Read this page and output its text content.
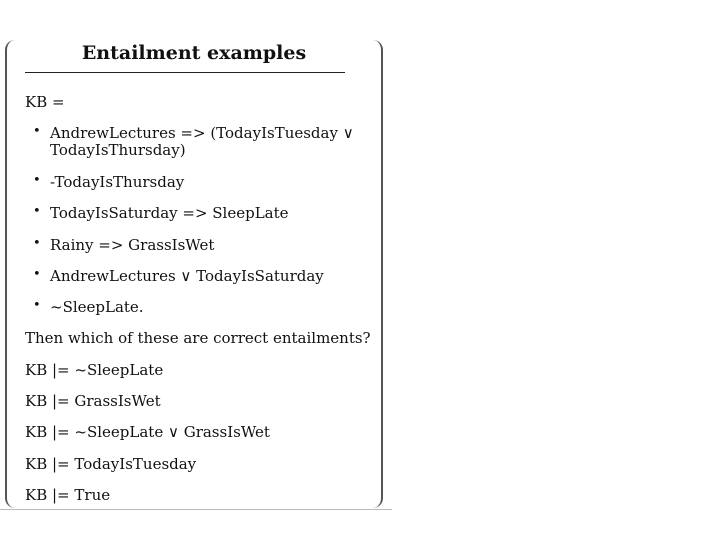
Entailment examples
KB =
• AndrewLectures => (TodayIsTuesday ∨
TodayIsThursday)
• -TodayIsThursday
• TodayIsSaturday => SleepLate
• Rainy => GrassIsWet
• AndrewLectures ∨ TodayIsSaturday
• ~SleepLate.
Then which of these are correct entailments?
KB |= ~SleepLate
KB |= GrassIsWet
KB |= ~SleepLate ∨ GrassIsWet
KB |= TodayIsTuesday
KB |= True
